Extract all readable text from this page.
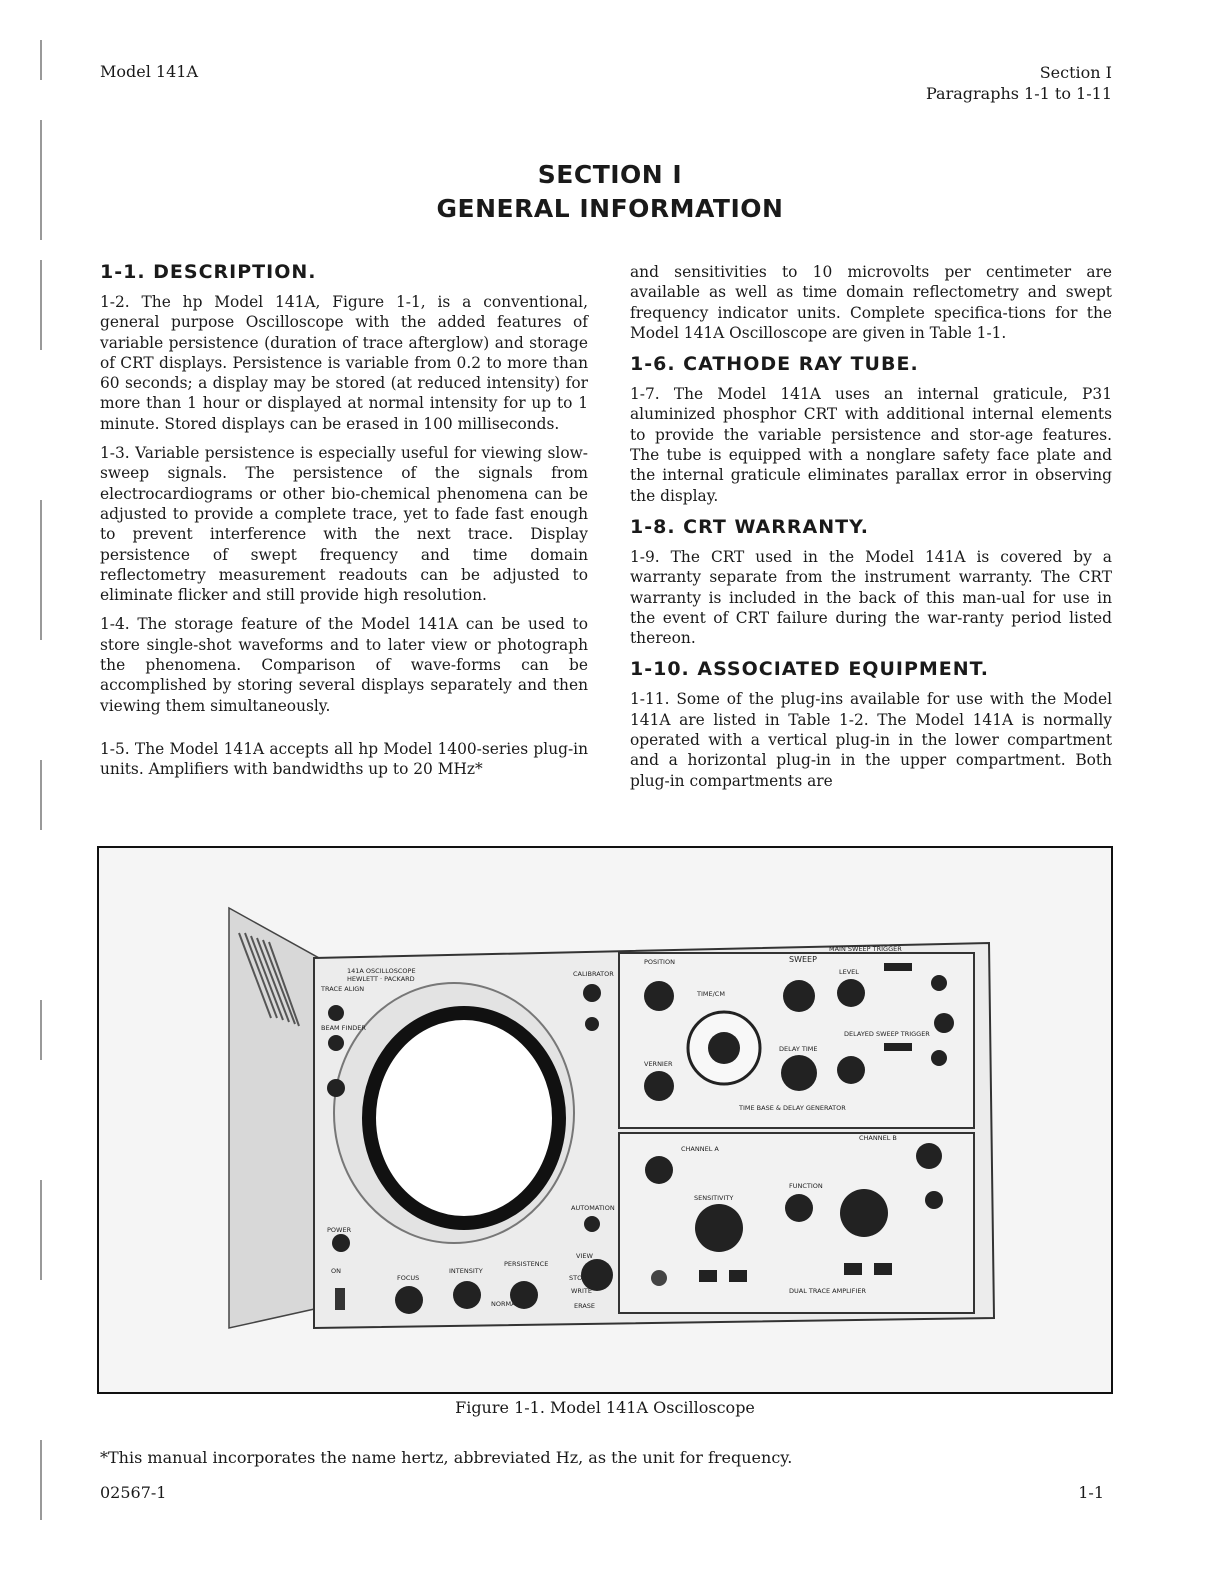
Model 141A	Section I
Paragraphs 1-1 to 1-11
SECTION I
GENERAL INFORMATION
1-1. DESCRIPTION.

1-2. The hp Model 141A, Figure 1-1, is a conventional, general purpose Oscilloscope with the added features of variable persistence (duration of trace afterglow) and storage of CRT displays. Persistence is variable from 0.2 to more than 60 seconds; a display may be stored (at reduced intensity) for more than 1 hour or displayed at normal intensity for up to 1 minute. Stored displays can be erased in 100 milliseconds.

1-3. Variable persistence is especially useful for viewing slow-sweep signals. The persistence of the signals from electrocardiograms or other bio-chemical phenomena can be adjusted to provide a complete trace, yet to fade fast enough to prevent interference with the next trace. Display persistence of swept frequency and time domain reflectometry measurement readouts can be adjusted to eliminate flicker and still provide high resolution.

1-4. The storage feature of the Model 141A can be used to store single-shot waveforms and to later view or photograph the phenomena. Comparison of wave-forms can be accomplished by storing several displays separately and then viewing them simultaneously.

1-5. The Model 141A accepts all hp Model 1400-series plug-in units. Amplifiers with bandwidths up to 20 MHz*

and sensitivities to 10 microvolts per centimeter are available as well as time domain reflectometry and swept frequency indicator units. Complete specifica-tions for the Model 141A Oscilloscope are given in Table 1-1.

1-6. CATHODE RAY TUBE.

1-7. The Model 141A uses an internal graticule, P31 aluminized phosphor CRT with additional internal elements to provide the variable persistence and stor-age features. The tube is equipped with a nonglare safety face plate and the internal graticule eliminates parallax error in observing the display.

1-8. CRT WARRANTY.

1-9. The CRT used in the Model 141A is covered by a warranty separate from the instrument warranty. The CRT warranty is included in the back of this man-ual for use in the event of CRT failure during the war-ranty period listed thereon.

1-10. ASSOCIATED EQUIPMENT.

1-11. Some of the plug-ins available for use with the Model 141A are listed in Table 1-2. The Model 141A is normally operated with a vertical plug-in in the lower compartment and a horizontal plug-in in the upper compartment. Both plug-in compartments are

141A OSCILLOSCOPE
HEWLETT · PACKARD
TRACE ALIGN
BEAM FINDER
CALIBRATOR
POWER
ON
FOCUS
INTENSITY
PERSISTENCE
NORMAL
VIEW
STORE
WRITE
ERASE
AUTOMATION
POSITION
TIME/CM
VERNIER
SWEEP
MAIN SWEEP TRIGGER
LEVEL
DELAYED SWEEP TRIGGER
DELAY TIME
TIME BASE & DELAY GENERATOR
CHANNEL A
CHANNEL B
FUNCTION
SENSITIVITY
DUAL TRACE AMPLIFIER
Figure 1-1. Model 141A Oscilloscope
*This manual incorporates the name hertz, abbreviated Hz, as the unit for frequency.
02567-1	1-1
